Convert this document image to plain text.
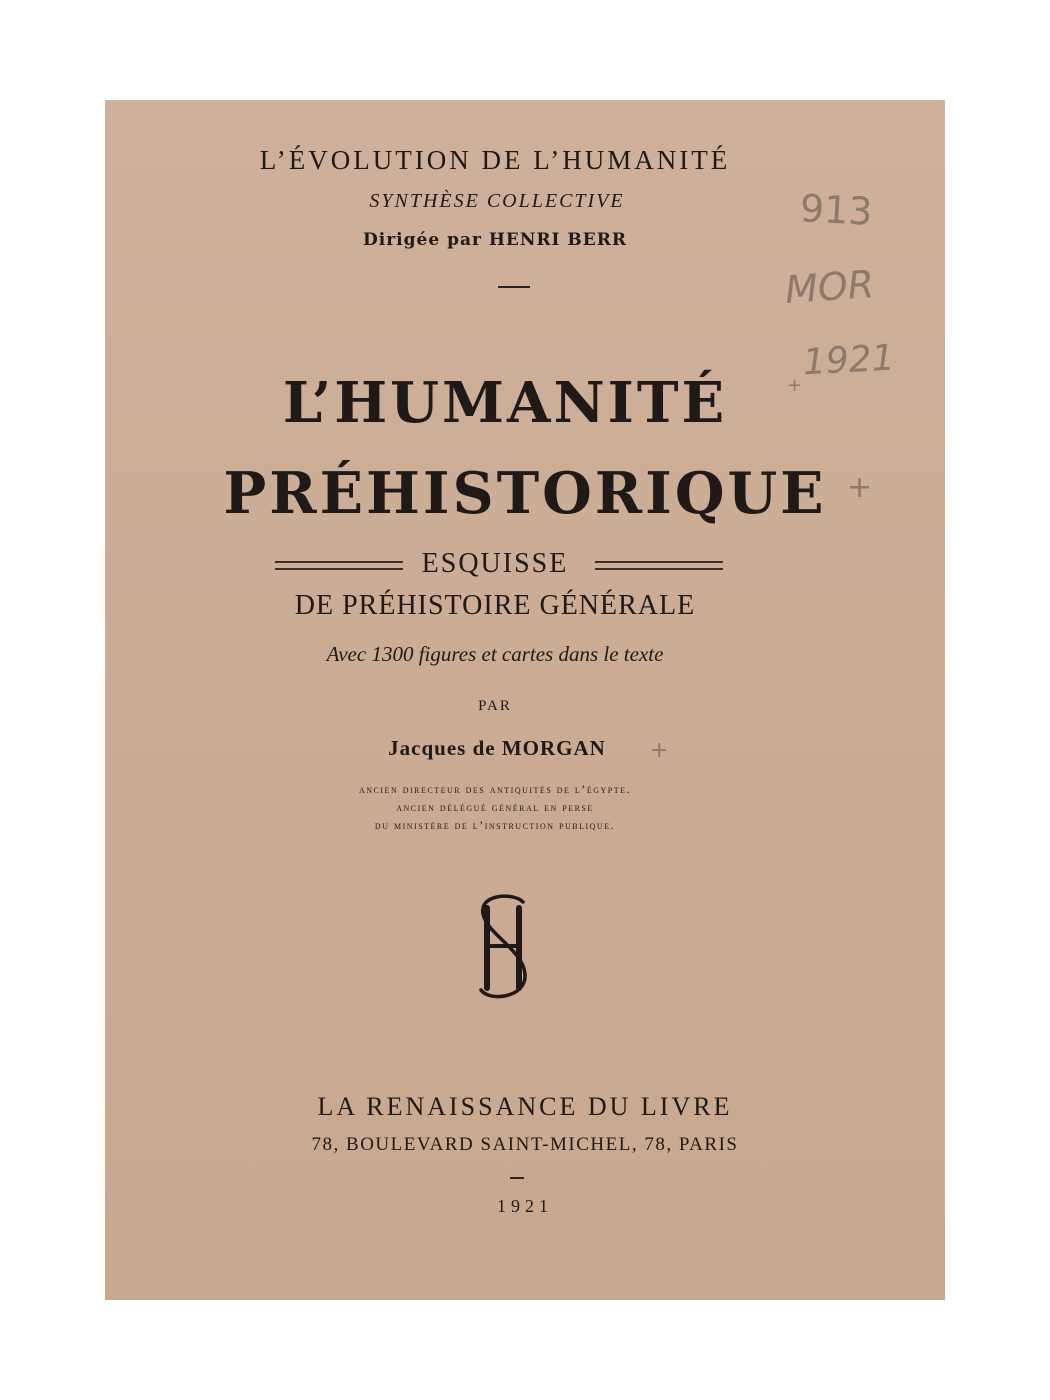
L’ÉVOLUTION DE L’HUMANITÉ
SYNTHÈSE COLLECTIVE
Dirigée par HENRI BERR
L’HUMANITÉ
PRÉHISTORIQUE
ESQUISSE
DE PRÉHISTOIRE GÉNÉRALE
Avec 1300 figures et cartes dans le texte
PAR
Jacques de MORGAN
ancien directeur des antiquités de l’égypte.
ancien délégué général en perse
du ministère de l’instruction publique.
LA RENAISSANCE DU LIVRE
78, BOULEVARD SAINT-MICHEL, 78, PARIS
1921
913
MOR
1921
+
+
+
